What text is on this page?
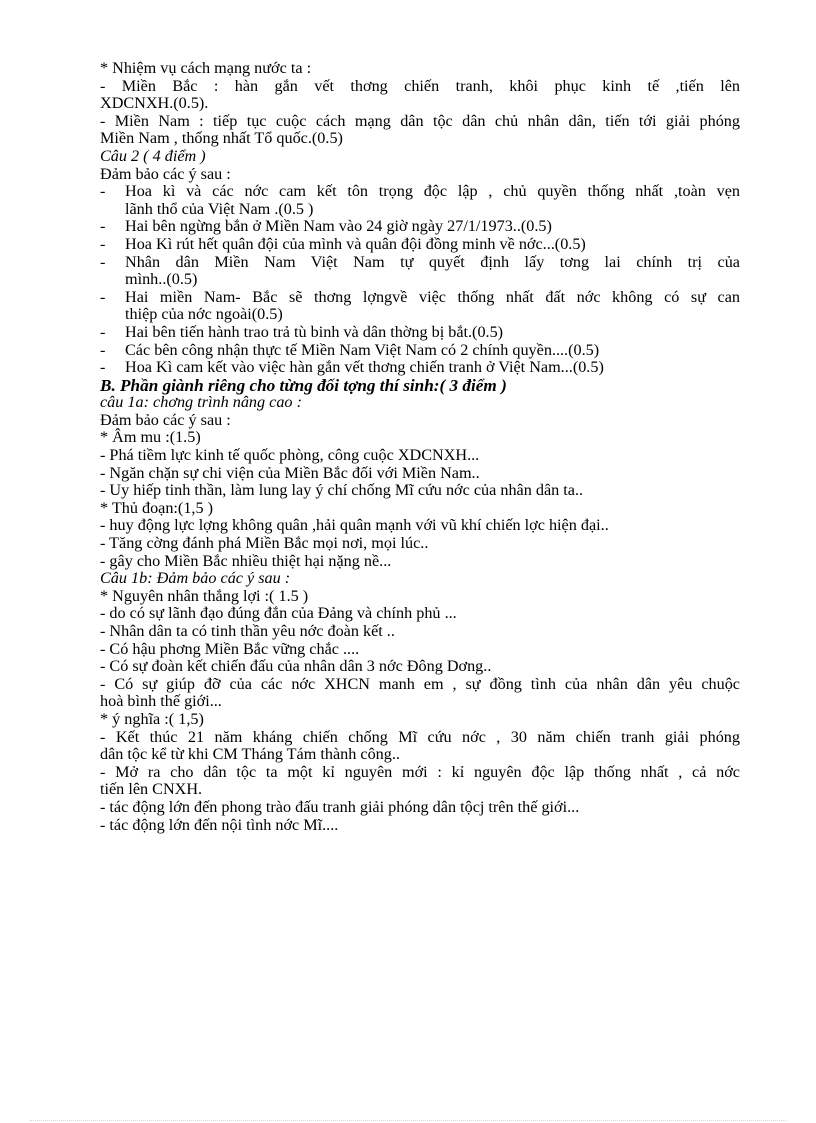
* Nhiệm vụ cách mạng nước ta :

- Miền Bắc : hàn gắn vết thơng chiến tranh, khôi phục kinh tế ,tiến lên

XDCNXH.(0.5).

- Miền Nam : tiếp tục cuộc cách mạng dân tộc dân chủ nhân dân, tiến tới giải phóng

Miền Nam , thống nhất Tổ quốc.(0.5)

Câu 2 ( 4 điểm )

Đảm bảo các ý sau :

- Hoa kì và các nớc cam kết tôn trọng độc lập , chủ quyền thống nhất ,toàn vẹn
lãnh thổ của Việt Nam .(0.5 )
- Hai bên ngừng bắn ở Miền Nam vào 24 giờ ngày 27/1/1973..(0.5)
- Hoa Kì rút hết quân đội của mình và quân đội đồng minh về nớc...(0.5)
- Nhân dân Miền Nam Việt Nam tự quyết định lấy tơng lai chính trị của
mình..(0.5)
- Hai miền Nam- Bắc sẽ thơng lợngvề việc thống nhất đất nớc không có sự can
thiệp của nớc ngoài(0.5)
- Hai bên tiến hành trao trả tù binh và dân thờng bị bắt.(0.5)
- Các bên công nhận thực tế Miền Nam Việt Nam có 2 chính quyền....(0.5)
- Hoa Kì cam kết vào việc hàn gắn vết thơng chiến tranh ở Việt Nam...(0.5)

B. Phần giành riêng cho từng đối tợng thí sinh:( 3 điểm )

câu 1a: chơng trình nâng cao :

Đảm bảo các ý sau :

* Âm mu :(1.5)

- Phá tiềm lực kinh tế quốc phòng, công cuộc XDCNXH...

- Ngăn chặn sự chi viện của Miền Bắc đối với Miền Nam..

- Uy hiếp tinh thần, làm lung lay ý chí chống Mĩ cứu nớc của nhân dân ta..

* Thủ đoạn:(1,5 )

- huy động lực lợng không quân ,hải quân mạnh với vũ khí chiến lợc hiện đại..

- Tăng cờng đánh phá Miền Bắc mọi nơi, mọi lúc..

- gây cho Miền Bắc nhiều thiệt hại nặng nề...

Câu 1b: Đảm bảo các ý sau :

* Nguyên nhân thắng lợi :( 1.5 )

- do có sự lãnh đạo đúng đắn của Đảng và chính phủ ...

- Nhân dân ta có tinh thần yêu nớc đoàn kết ..

- Có hậu phơng Miền Bắc vững chắc ....

- Có sự đoàn kết chiến đấu của nhân dân 3 nớc Đông Dơng..

- Có sự giúp đỡ của các nớc XHCN manh em , sự đồng tình của nhân dân yêu chuộc

hoà bình thế giới...

* ý nghĩa :( 1,5)

- Kết thúc 21 năm kháng chiến chống Mĩ cứu nớc , 30 năm chiến tranh giải phóng

dân tộc kể từ khi CM Tháng Tám thành công..

- Mở ra cho dân tộc ta một kỉ nguyên mới : kỉ nguyên độc lập thống nhất , cả nớc

tiến lên CNXH.

- tác động lớn đến phong trào đấu tranh giải phóng dân tộcj trên thế giới...

- tác động lớn đến nội tình nớc Mĩ....
